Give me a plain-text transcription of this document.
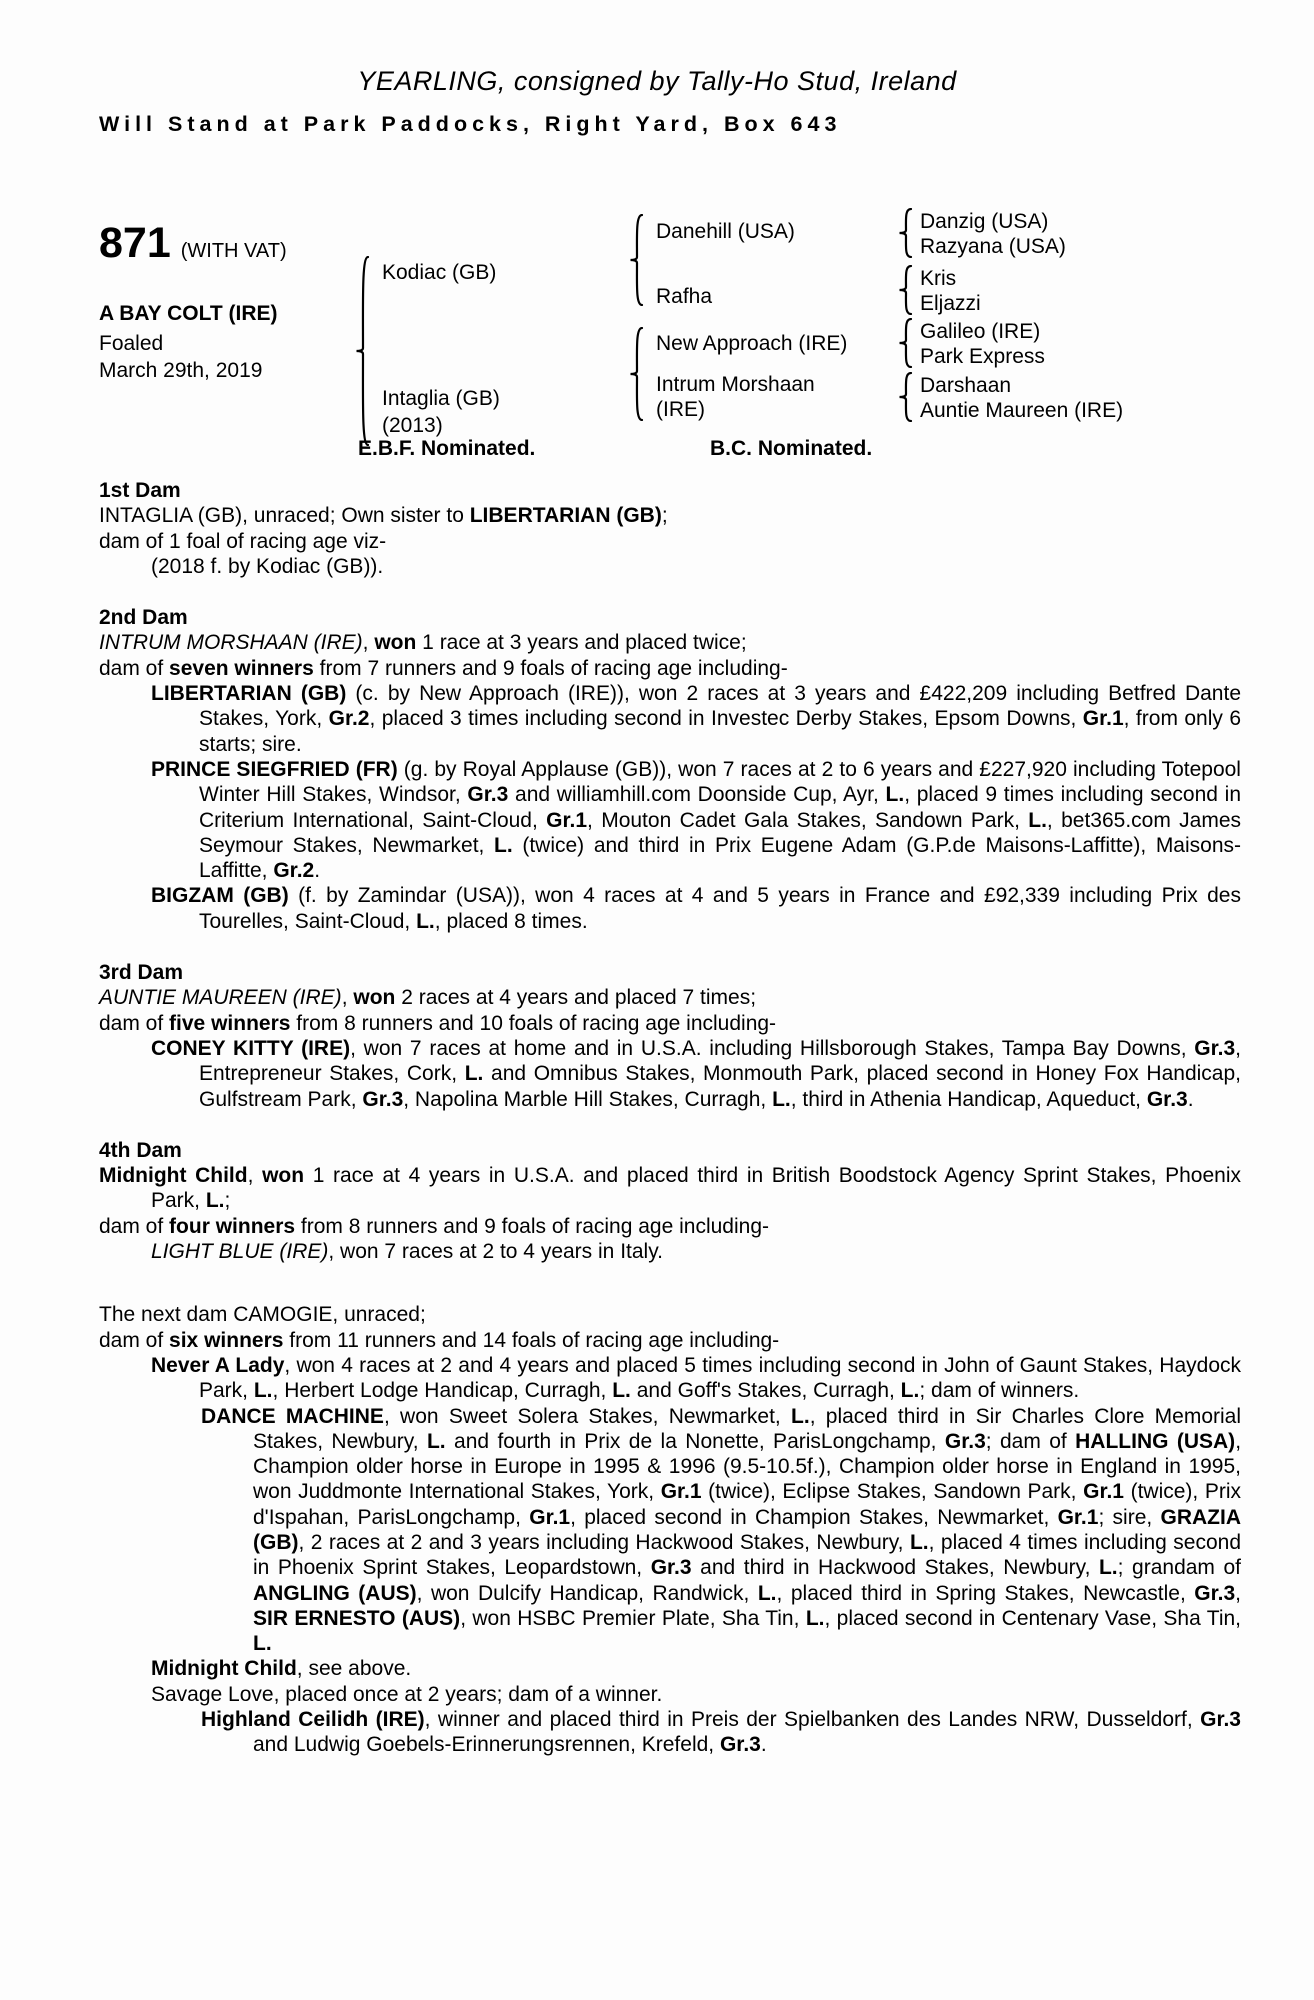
YEARLING, consigned by Tally-Ho Stud, Ireland
Will Stand at Park Paddocks, Right Yard, Box 643
871 (WITH VAT)
A BAY COLT (IRE)
Foaled
March 29th, 2019
Kodiac (GB)
Intaglia (GB)
(2013)
Danehill (USA)
Rafha
New Approach (IRE)
Intrum Morshaan (IRE)
Danzig (USA)
Razyana (USA)
Kris
Eljazzi
Galileo (IRE)
Park Express
Darshaan
Auntie Maureen (IRE)
E.B.F. Nominated.	B.C. Nominated.
1st Dam

INTAGLIA (GB), unraced; Own sister to LIBERTARIAN (GB);

dam of 1 foal of racing age viz-

(2018 f. by Kodiac (GB)).

2nd Dam

INTRUM MORSHAAN (IRE), won 1 race at 3 years and placed twice;

dam of seven winners from 7 runners and 9 foals of racing age including-

LIBERTARIAN (GB) (c. by New Approach (IRE)), won 2 races at 3 years and £422,209 including Betfred Dante Stakes, York, Gr.2, placed 3 times including second in Investec Derby Stakes, Epsom Downs, Gr.1, from only 6 starts; sire.

PRINCE SIEGFRIED (FR) (g. by Royal Applause (GB)), won 7 races at 2 to 6 years and £227,920 including Totepool Winter Hill Stakes, Windsor, Gr.3 and williamhill.com Doonside Cup, Ayr, L., placed 9 times including second in Criterium International, Saint-Cloud, Gr.1, Mouton Cadet Gala Stakes, Sandown Park, L., bet365.com James Seymour Stakes, Newmarket, L. (twice) and third in Prix Eugene Adam (G.P.de Maisons-Laffitte), Maisons-Laffitte, Gr.2.

BIGZAM (GB) (f. by Zamindar (USA)), won 4 races at 4 and 5 years in France and £92,339 including Prix des Tourelles, Saint-Cloud, L., placed 8 times.

3rd Dam

AUNTIE MAUREEN (IRE), won 2 races at 4 years and placed 7 times;

dam of five winners from 8 runners and 10 foals of racing age including-

CONEY KITTY (IRE), won 7 races at home and in U.S.A. including Hillsborough Stakes, Tampa Bay Downs, Gr.3, Entrepreneur Stakes, Cork, L. and Omnibus Stakes, Monmouth Park, placed second in Honey Fox Handicap, Gulfstream Park, Gr.3, Napolina Marble Hill Stakes, Curragh, L., third in Athenia Handicap, Aqueduct, Gr.3.

4th Dam

Midnight Child, won 1 race at 4 years in U.S.A. and placed third in British Boodstock Agency Sprint Stakes, Phoenix Park, L.;

dam of four winners from 8 runners and 9 foals of racing age including-

LIGHT BLUE (IRE), won 7 races at 2 to 4 years in Italy.

The next dam CAMOGIE, unraced;

dam of six winners from 11 runners and 14 foals of racing age including-

Never A Lady, won 4 races at 2 and 4 years and placed 5 times including second in John of Gaunt Stakes, Haydock Park, L., Herbert Lodge Handicap, Curragh, L. and Goff's Stakes, Curragh, L.; dam of winners.

DANCE MACHINE, won Sweet Solera Stakes, Newmarket, L., placed third in Sir Charles Clore Memorial Stakes, Newbury, L. and fourth in Prix de la Nonette, ParisLongchamp, Gr.3; dam of HALLING (USA), Champion older horse in Europe in 1995 & 1996 (9.5-10.5f.), Champion older horse in England in 1995, won Juddmonte International Stakes, York, Gr.1 (twice), Eclipse Stakes, Sandown Park, Gr.1 (twice), Prix d'Ispahan, ParisLongchamp, Gr.1, placed second in Champion Stakes, Newmarket, Gr.1; sire, GRAZIA (GB), 2 races at 2 and 3 years including Hackwood Stakes, Newbury, L., placed 4 times including second in Phoenix Sprint Stakes, Leopardstown, Gr.3 and third in Hackwood Stakes, Newbury, L.; grandam of ANGLING (AUS), won Dulcify Handicap, Randwick, L., placed third in Spring Stakes, Newcastle, Gr.3, SIR ERNESTO (AUS), won HSBC Premier Plate, Sha Tin, L., placed second in Centenary Vase, Sha Tin, L.

Midnight Child, see above.

Savage Love, placed once at 2 years; dam of a winner.

Highland Ceilidh (IRE), winner and placed third in Preis der Spielbanken des Landes NRW, Dusseldorf, Gr.3 and Ludwig Goebels-Erinnerungsrennen, Krefeld, Gr.3.
